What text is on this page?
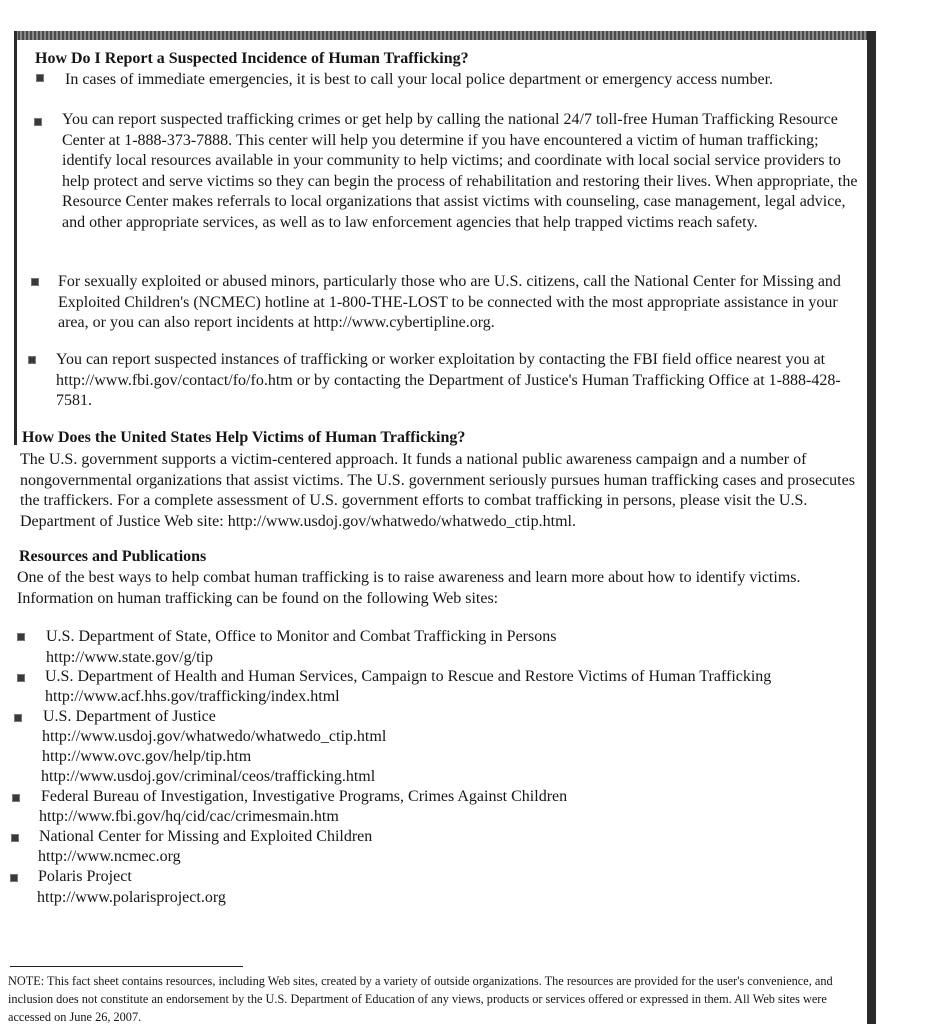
How Do I Report a Suspected Incidence of Human Trafficking?

In cases of immediate emergencies, it is best to call your local police department or emergency access number.

You can report suspected trafficking crimes or get help by calling the national 24/7 toll-free Human Trafficking Resource Center at 1-888-373-7888. This center will help you determine if you have encountered a victim of human trafficking; identify local resources available in your community to help victims; and coordinate with local social service providers to help protect and serve victims so they can begin the process of rehabilitation and restoring their lives. When appropriate, the Resource Center makes referrals to local organizations that assist victims with counseling, case management, legal advice, and other appropriate services, as well as to law enforcement agencies that help trapped victims reach safety.

For sexually exploited or abused minors, particularly those who are U.S. citizens, call the National Center for Missing and Exploited Children's (NCMEC) hotline at 1-800-THE-LOST to be connected with the most appropriate assistance in your area, or you can also report incidents at http://www.cybertipline.org.

You can report suspected instances of trafficking or worker exploitation by contacting the FBI field office nearest you at http://www.fbi.gov/contact/fo/fo.htm or by contacting the Department of Justice's Human Trafficking Office at 1-888-428-7581.

How Does the United States Help Victims of Human Trafficking?

The U.S. government supports a victim-centered approach. It funds a national public awareness campaign and a number of nongovernmental organizations that assist victims. The U.S. government seriously pursues human trafficking cases and prosecutes the traffickers. For a complete assessment of U.S. government efforts to combat trafficking in persons, please visit the U.S. Department of Justice Web site: http://www.usdoj.gov/whatwedo/whatwedo_ctip.html.

Resources and Publications

One of the best ways to help combat human trafficking is to raise awareness and learn more about how to identify victims. Information on human trafficking can be found on the following Web sites:

U.S. Department of State, Office to Monitor and Combat Trafficking in Persons
http://www.state.gov/g/tip
U.S. Department of Health and Human Services, Campaign to Rescue and Restore Victims of Human Trafficking
http://www.acf.hhs.gov/trafficking/index.html
U.S. Department of Justice
http://www.usdoj.gov/whatwedo/whatwedo_ctip.html
http://www.ovc.gov/help/tip.htm
http://www.usdoj.gov/criminal/ceos/trafficking.html
Federal Bureau of Investigation, Investigative Programs, Crimes Against Children
http://www.fbi.gov/hq/cid/cac/crimesmain.htm
National Center for Missing and Exploited Children
http://www.ncmec.org
Polaris Project
http://www.polarisproject.org

NOTE: This fact sheet contains resources, including Web sites, created by a variety of outside organizations. The resources are provided for the user's convenience, and inclusion does not constitute an endorsement by the U.S. Department of Education of any views, products or services offered or expressed in them. All Web sites were accessed on June 26, 2007.
